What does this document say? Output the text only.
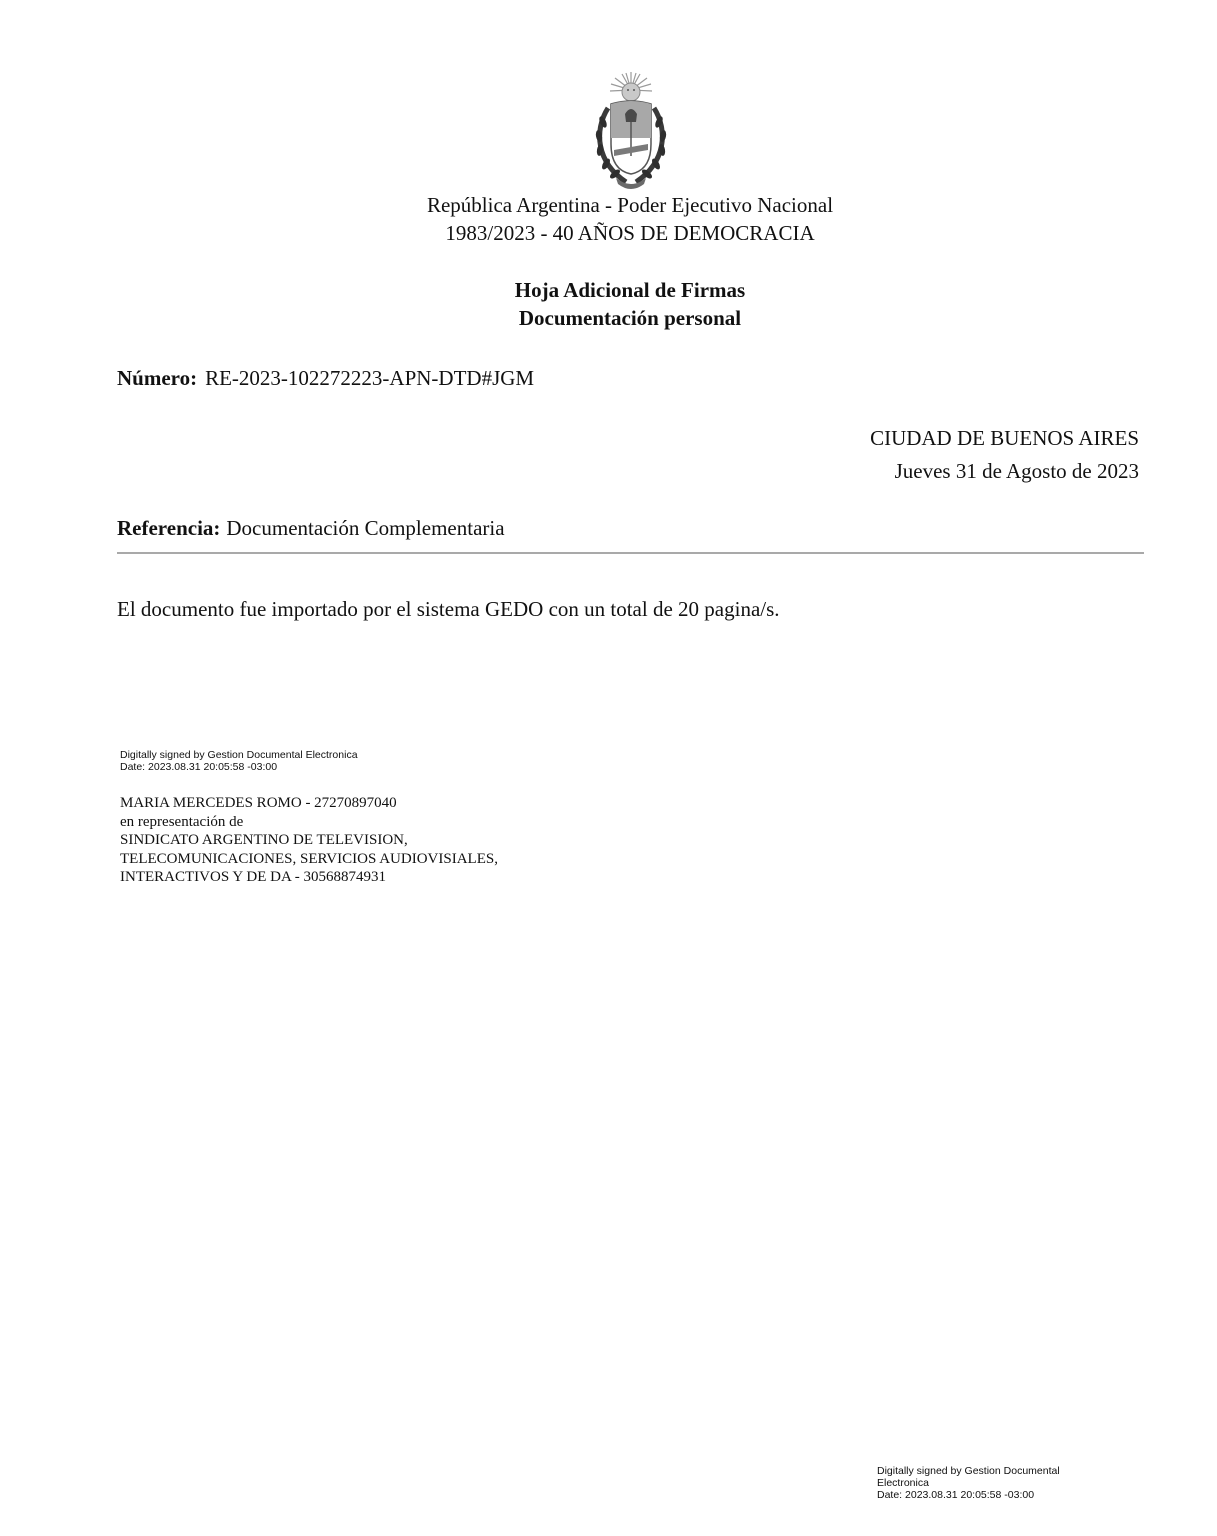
República Argentina - Poder Ejecutivo Nacional
1983/2023 - 40 AÑOS DE DEMOCRACIA
Hoja Adicional de Firmas
Documentación personal
Número: RE-2023-102272223-APN-DTD#JGM
CIUDAD DE BUENOS AIRES
Jueves 31 de Agosto de 2023
Referencia: Documentación Complementaria
El documento fue importado por el sistema GEDO con un total de 20 pagina/s.
Digitally signed by Gestion Documental Electronica
Date: 2023.08.31 20:05:58 -03:00
MARIA MERCEDES ROMO - 27270897040
en representación de
SINDICATO ARGENTINO DE TELEVISION,
TELECOMUNICACIONES, SERVICIOS AUDIOVISIALES,
INTERACTIVOS Y DE DA - 30568874931
Digitally signed by Gestion Documental
Electronica
Date: 2023.08.31 20:05:58 -03:00
